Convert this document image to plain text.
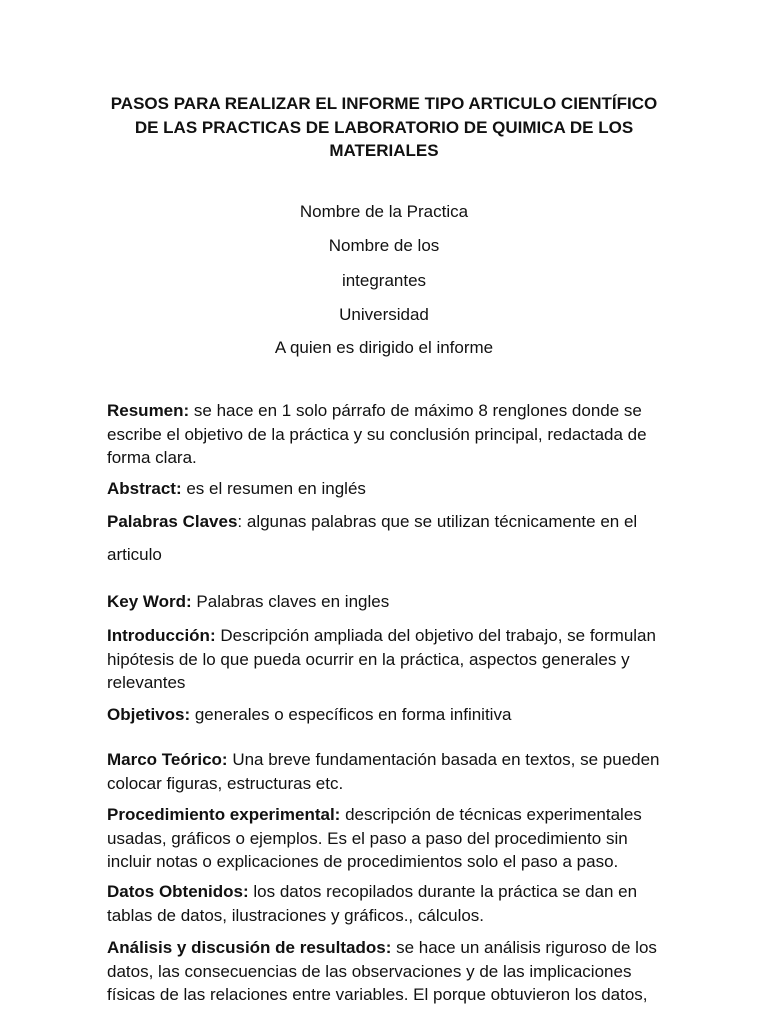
PASOS PARA REALIZAR EL INFORME TIPO ARTICULO CIENTÍFICO DE LAS PRACTICAS DE LABORATORIO DE QUIMICA DE LOS MATERIALES

Nombre de la Practica

Nombre de los

integrantes

Universidad

A quien es dirigido el informe

Resumen: se hace en 1 solo párrafo de máximo 8 renglones donde se escribe el objetivo de la práctica y su conclusión principal, redactada de forma clara.

Abstract: es el resumen en inglés

Palabras Claves: algunas palabras que se utilizan técnicamente en el

articulo

Key Word: Palabras claves en ingles

Introducción: Descripción ampliada del objetivo del trabajo, se formulan hipótesis de lo que pueda ocurrir en la práctica, aspectos generales y relevantes

Objetivos: generales o específicos en forma infinitiva

Marco Teórico: Una breve fundamentación basada en textos, se pueden colocar figuras, estructuras etc.

Procedimiento experimental: descripción de técnicas experimentales usadas, gráficos o ejemplos. Es el paso a paso del procedimiento sin incluir notas o explicaciones de procedimientos solo el paso a paso.

Datos Obtenidos: los datos recopilados durante la práctica se dan en tablas de datos, ilustraciones y gráficos., cálculos.

Análisis y discusión de resultados: se hace un análisis riguroso de los datos, las consecuencias de las observaciones y de las implicaciones físicas de las relaciones entre variables. El porque obtuvieron los datos,
